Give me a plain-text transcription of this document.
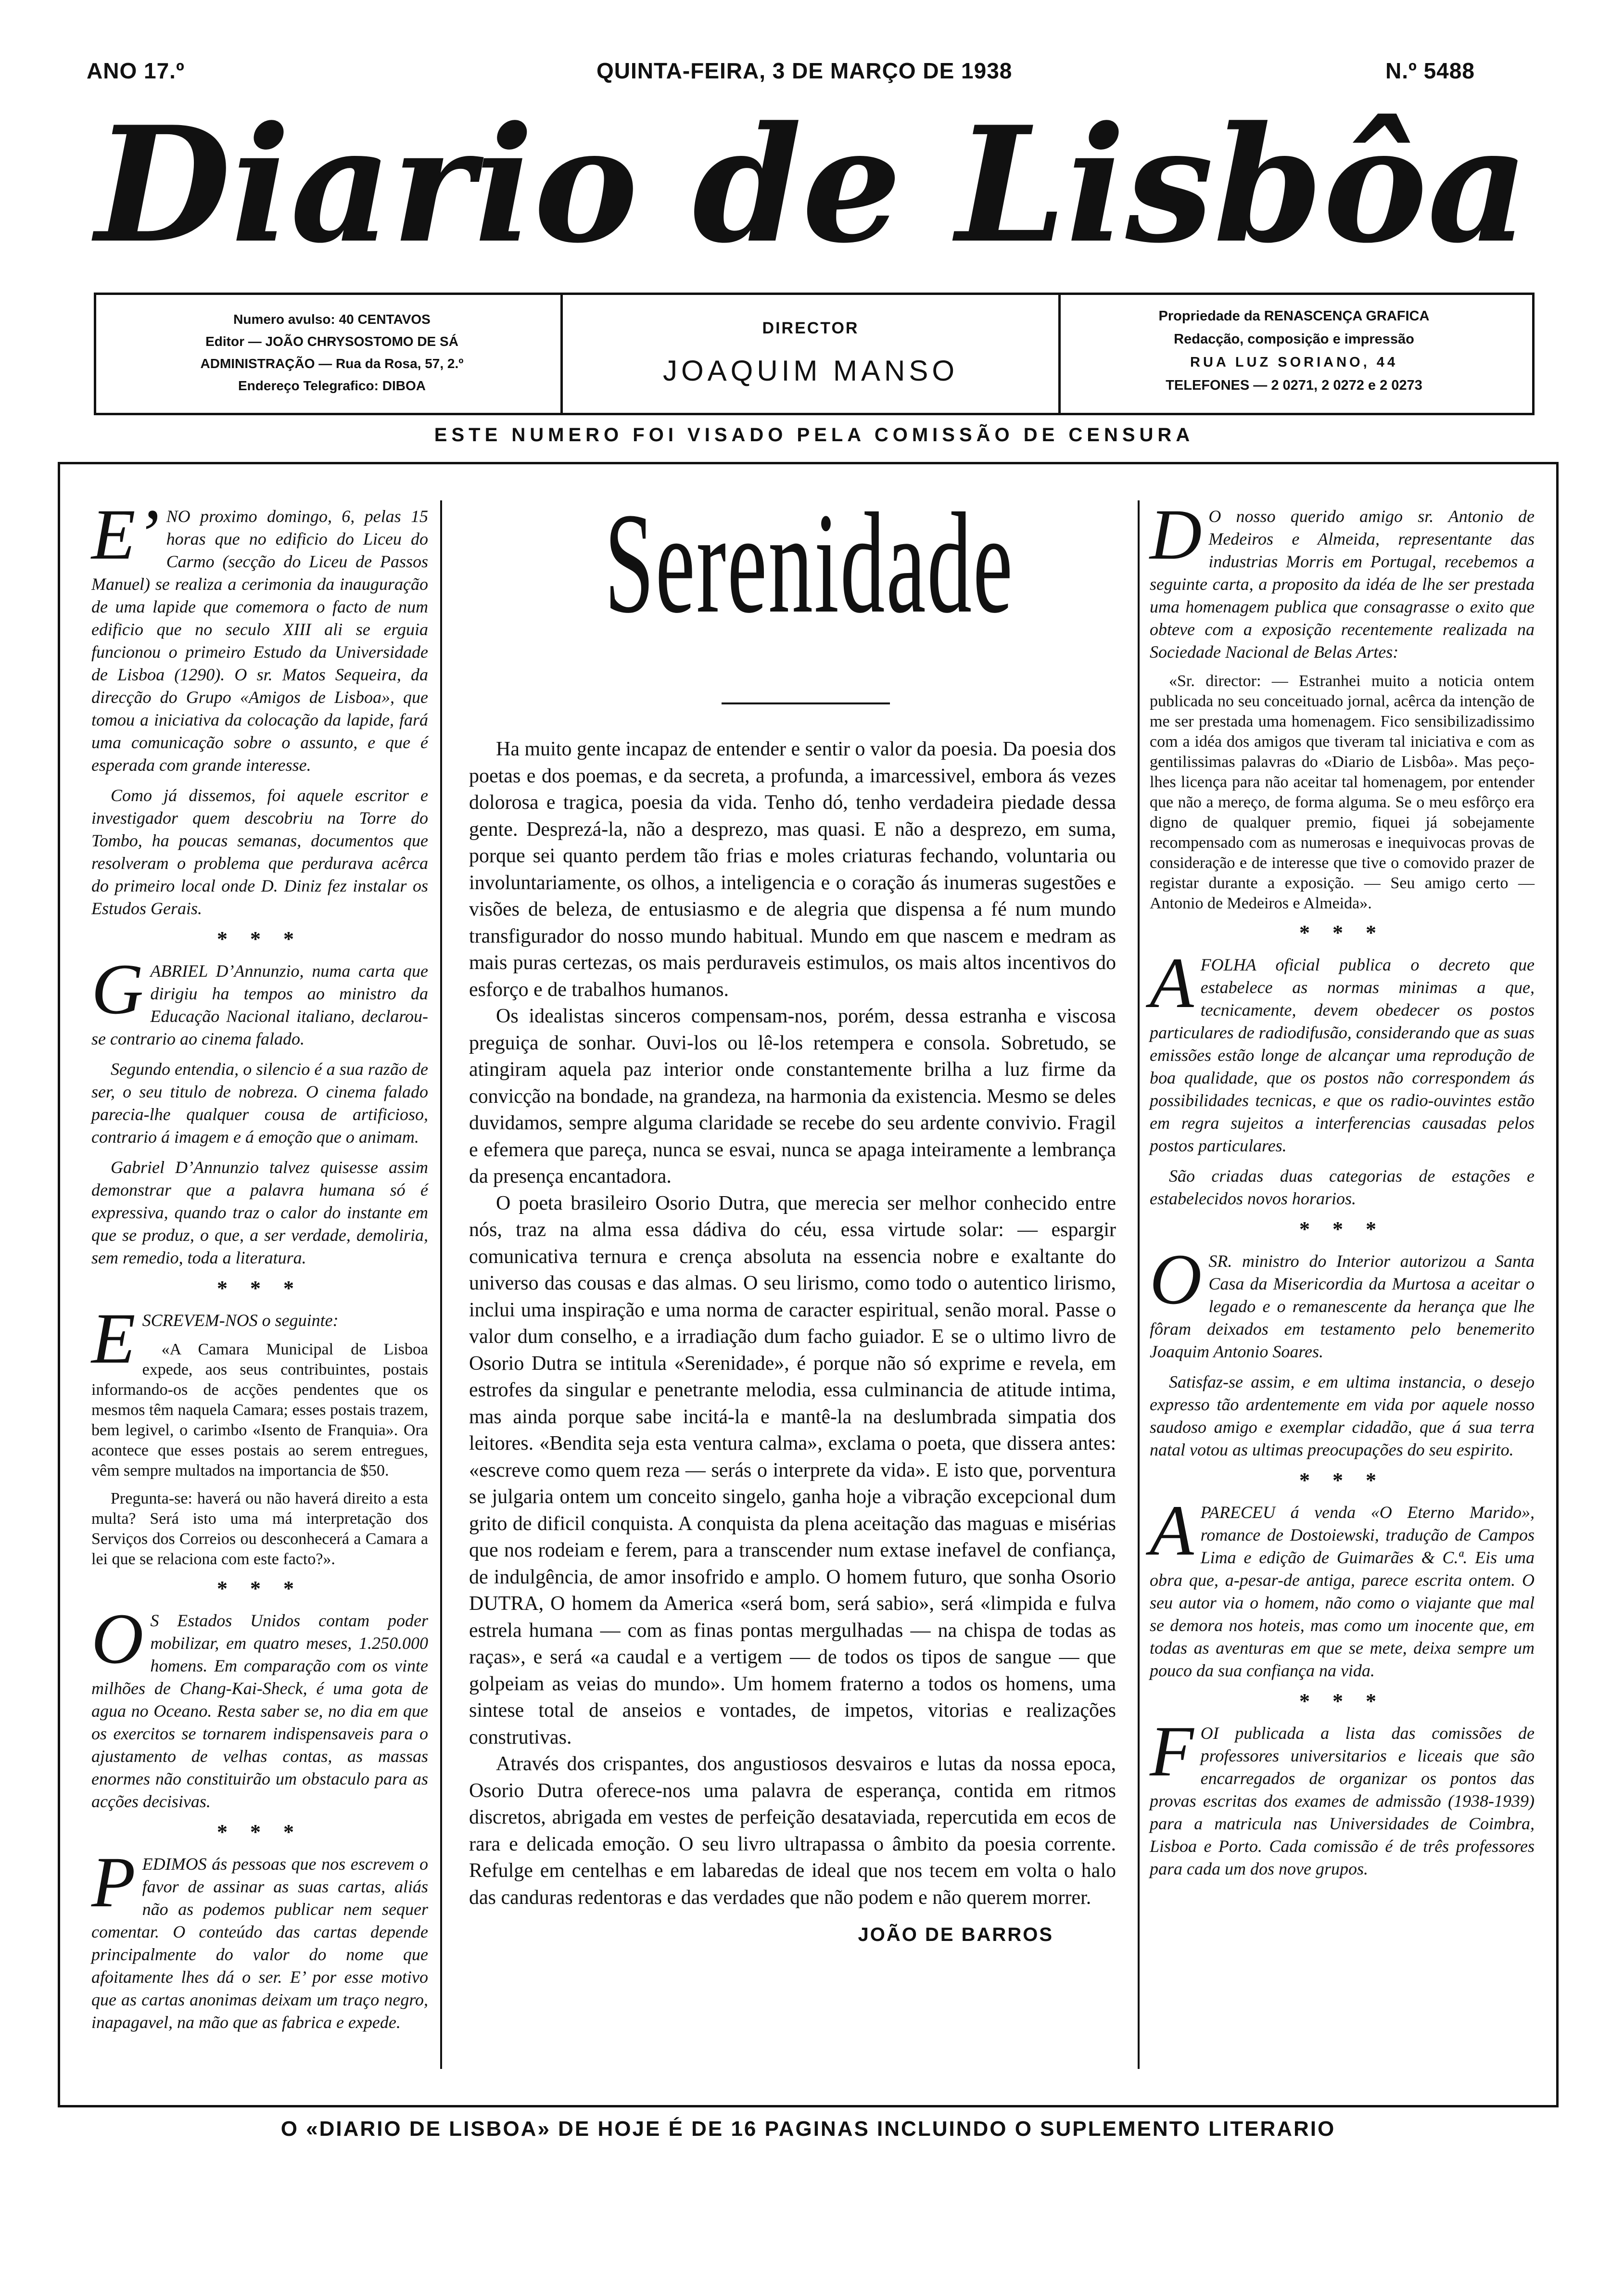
ANO 17.º	QUINTA-FEIRA, 3 DE MARÇO DE 1938	N.º 5488
Diario de Lisbôa
Numero avulso: 40 CENTAVOS
Editor — JOÃO CHRYSOSTOMO DE SÁ
ADMINISTRAÇÃO — Rua da Rosa, 57, 2.º
Endereço Telegrafico: DIBOA
DIRECTOR
JOAQUIM MANSO
Propriedade da RENASCENÇA GRAFICA
Redacção, composição e impressão
RUA LUZ SORIANO, 44
TELEFONES — 2 0271, 2 0272 e 2 0273
ESTE NUMERO FOI VISADO PELA COMISSÃO DE CENSURA

E’NO proximo domingo, 6, pelas 15 horas que no edificio do Liceu do Carmo (secção do Liceu de Passos Manuel) se realiza a cerimonia da inauguração de uma lapide que comemora o facto de num edificio que no seculo XIII ali se erguia funcionou o primeiro Estudo da Universidade de Lisboa (1290). O sr. Matos Sequeira, da direcção do Grupo «Amigos de Lisboa», que tomou a iniciativa da colocação da lapide, fará uma comunicação sobre o assunto, e que é esperada com grande interesse.

Como já dissemos, foi aquele escritor e investigador quem descobriu na Torre do Tombo, ha poucas semanas, documentos que resolveram o problema que perdurava acêrca do primeiro local onde D. Diniz fez instalar os Estudos Gerais.

* * *

GABRIEL D’Annunzio, numa carta que dirigiu ha tempos ao ministro da Educação Nacional italiano, declarou-se contrario ao cinema falado.

Segundo entendia, o silencio é a sua razão de ser, o seu titulo de nobreza. O cinema falado parecia-lhe qualquer cousa de artificioso, contrario á imagem e á emoção que o animam.

Gabriel D’Annunzio talvez quisesse assim demonstrar que a palavra humana só é expressiva, quando traz o calor do instante em que se produz, o que, a ser verdade, demoliria, sem remedio, toda a literatura.

* * *

ESCREVEM-NOS o seguinte:

«A Camara Municipal de Lisboa expede, aos seus contribuintes, postais informando-os de acções pendentes que os mesmos têm naquela Camara; esses postais trazem, bem legivel, o carimbo «Isento de Franquia». Ora acontece que esses postais ao serem entregues, vêm sempre multados na importancia de $50.

Pregunta-se: haverá ou não haverá direito a esta multa? Será isto uma má interpretação dos Serviços dos Correios ou desconhecerá a Camara a lei que se relaciona com este facto?».

* * *

OS Estados Unidos contam poder mobilizar, em quatro meses, 1.250.000 homens. Em comparação com os vinte milhões de Chang-Kai-Sheck, é uma gota de agua no Oceano. Resta saber se, no dia em que os exercitos se tornarem indispensaveis para o ajustamento de velhas contas, as massas enormes não constituirão um obstaculo para as acções decisivas.

* * *

PEDIMOS ás pessoas que nos escrevem o favor de assinar as suas cartas, aliás não as podemos publicar nem sequer comentar. O conteúdo das cartas depende principalmente do valor do nome que afoitamente lhes dá o ser. E’ por esse motivo que as cartas anonimas deixam um traço negro, inapagavel, na mão que as fabrica e expede.

Serenidade

Ha muito gente incapaz de entender e sentir o valor da poesia. Da poesia dos poetas e dos poemas, e da secreta, a profunda, a imarcessivel, embora ás vezes dolorosa e tragica, poesia da vida. Tenho dó, tenho verdadeira piedade dessa gente. Desprezá-la, não a desprezo, mas quasi. E não a desprezo, em suma, porque sei quanto perdem tão frias e moles criaturas fechando, voluntaria ou involuntariamente, os olhos, a inteligencia e o coração ás inumeras sugestões e visões de beleza, de entusiasmo e de alegria que dispensa a fé num mundo transfigurador do nosso mundo habitual. Mundo em que nascem e medram as mais puras certezas, os mais perduraveis estimulos, os mais altos incentivos do esforço e de trabalhos humanos.

Os idealistas sinceros compensam-nos, porém, dessa estranha e viscosa preguiça de sonhar. Ouvi-los ou lê-los retempera e consola. Sobretudo, se atingiram aquela paz interior onde constantemente brilha a luz firme da convicção na bondade, na grandeza, na harmonia da existencia. Mesmo se deles duvidamos, sempre alguma claridade se recebe do seu ardente convivio. Fragil e efemera que pareça, nunca se esvai, nunca se apaga inteiramente a lembrança da presença encantadora.

O poeta brasileiro Osorio Dutra, que merecia ser melhor conhecido entre nós, traz na alma essa dádiva do céu, essa virtude solar: — espargir comunicativa ternura e crença absoluta na essencia nobre e exaltante do universo das cousas e das almas. O seu lirismo, como todo o autentico lirismo, inclui uma inspiração e uma norma de caracter espiritual, senão moral. Passe o valor dum conselho, e a irradiação dum facho guiador. E se o ultimo livro de Osorio Dutra se intitula «Serenidade», é porque não só exprime e revela, em estrofes da singular e penetrante melodia, essa culminancia de atitude intima, mas ainda porque sabe incitá-la e mantê-la na deslumbrada simpatia dos leitores. «Bendita seja esta ventura calma», exclama o poeta, que dissera antes: «escreve como quem reza — serás o interprete da vida». E isto que, porventura se julgaria ontem um conceito singelo, ganha hoje a vibração excepcional dum grito de dificil conquista. A conquista da plena aceitação das maguas e misérias que nos rodeiam e ferem, para a transcender num extase inefavel de confiança, de indulgência, de amor insofrido e amplo. O homem futuro, que sonha Osorio DUTRA, O homem da America «será bom, será sabio», será «limpida e fulva estrela humana — com as finas pontas mergulhadas — na chispa de todas as raças», e será «a caudal e a vertigem — de todos os tipos de sangue — que golpeiam as veias do mundo». Um homem fraterno a todos os homens, uma sintese total de anseios e vontades, de impetos, vitorias e realizações construtivas.

Através dos crispantes, dos angustiosos desvairos e lutas da nossa epoca, Osorio Dutra oferece-nos uma palavra de esperança, contida em ritmos discretos, abrigada em vestes de perfeição desataviada, repercutida em ecos de rara e delicada emoção. O seu livro ultrapassa o âmbito da poesia corrente. Refulge em centelhas e em labaredas de ideal que nos tecem em volta o halo das canduras redentoras e das verdades que não podem e não querem morrer.

JOÃO DE BARROS

DO nosso querido amigo sr. Antonio de Medeiros e Almeida, representante das industrias Morris em Portugal, recebemos a seguinte carta, a proposito da idéa de lhe ser prestada uma homenagem publica que consagrasse o exito que obteve com a exposição recentemente realizada na Sociedade Nacional de Belas Artes:

«Sr. director: — Estranhei muito a noticia ontem publicada no seu conceituado jornal, acêrca da intenção de me ser prestada uma homenagem. Fico sensibilizadissimo com a idéa dos amigos que tiveram tal iniciativa e com as gentilissimas palavras do «Diario de Lisbôa». Mas peço-lhes licença para não aceitar tal homenagem, por entender que não a mereço, de forma alguma. Se o meu esfôrço era digno de qualquer premio, fiquei já sobejamente recompensado com as numerosas e inequivocas provas de consideração e de interesse que tive o comovido prazer de registar durante a exposição. — Seu amigo certo — Antonio de Medeiros e Almeida».

* * *

AFOLHA oficial publica o decreto que estabelece as normas minimas a que, tecnicamente, devem obedecer os postos particulares de radiodifusão, considerando que as suas emissões estão longe de alcançar uma reprodução de boa qualidade, que os postos não correspondem ás possibilidades tecnicas, e que os radio-ouvintes estão em regra sujeitos a interferencias causadas pelos postos particulares.

São criadas duas categorias de estações e estabelecidos novos horarios.

* * *

OSR. ministro do Interior autorizou a Santa Casa da Misericordia da Murtosa a aceitar o legado e o remanescente da herança que lhe fôram deixados em testamento pelo benemerito Joaquim Antonio Soares.

Satisfaz-se assim, e em ultima instancia, o desejo expresso tão ardentemente em vida por aquele nosso saudoso amigo e exemplar cidadão, que á sua terra natal votou as ultimas preocupações do seu espirito.

* * *

APARECEU á venda «O Eterno Marido», romance de Dostoiewski, tradução de Campos Lima e edição de Guimarães & C.ª. Eis uma obra que, a-pesar-de antiga, parece escrita ontem. O seu autor via o homem, não como o viajante que mal se demora nos hoteis, mas como um inocente que, em todas as aventuras em que se mete, deixa sempre um pouco da sua confiança na vida.

* * *

FOI publicada a lista das comissões de professores universitarios e liceais que são encarregados de organizar os pontos das provas escritas dos exames de admissão (1938-1939) para a matricula nas Universidades de Coimbra, Lisboa e Porto. Cada comissão é de três professores para cada um dos nove grupos.

O «DIARIO DE LISBOA» DE HOJE É DE 16 PAGINAS INCLUINDO O SUPLEMENTO LITERARIO
